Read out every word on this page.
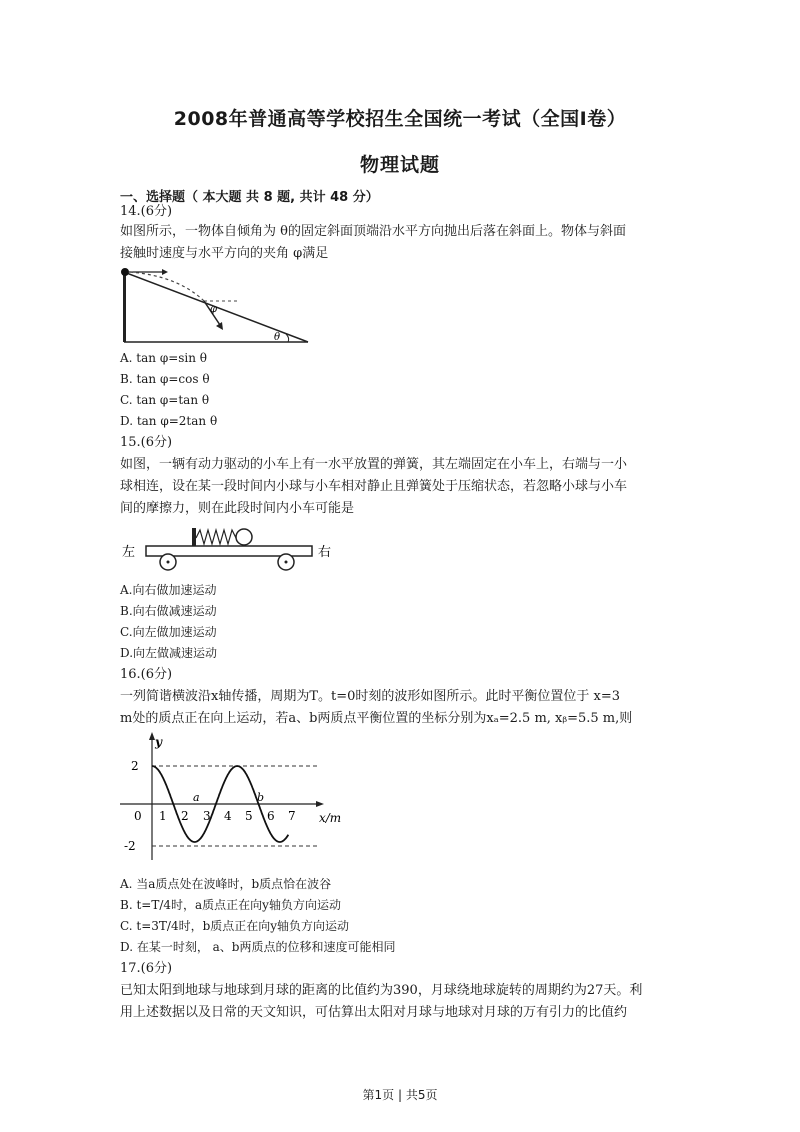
2008年普通高等学校招生全国统一考试（全国Ⅰ卷）
物理试题
一、选择题（ 本大题 共 8 题, 共计 48 分）
14.(6分)
如图所示，一物体自倾角为 θ的固定斜面顶端沿水平方向抛出后落在斜面上。物体与斜面
接触时速度与水平方向的夹角 φ满足
φ
θ
A. tan φ=sin θ
B. tan φ=cos θ
C. tan φ=tan θ
D. tan φ=2tan θ
15.(6分)
如图，一辆有动力驱动的小车上有一水平放置的弹簧，其左端固定在小车上，右端与一小
球相连，设在某一段时间内小球与小车相对静止且弹簧处于压缩状态，若忽略小球与小车
间的摩擦力，则在此段时间内小车可能是
左	右
A.向右做加速运动
B.向右做减速运动
C.向左做加速运动
D.向左做减速运动
16.(6分)
一列简谐横波沿x轴传播，周期为T。t=0时刻的波形如图所示。此时平衡位置位于 x=3
m处的质点正在向上运动，若a、b两质点平衡位置的坐标分别为xₐ=2.5 m, xᵦ=5.5 m,则
y
2
-2
0 1 2 3 4 5 6 7 x/m
a	b
A. 当a质点处在波峰时，b质点恰在波谷
B. t=T/4时，a质点正在向y轴负方向运动
C. t=3T/4时，b质点正在向y轴负方向运动
D. 在某一时刻， a、b两质点的位移和速度可能相同
17.(6分)
已知太阳到地球与地球到月球的距离的比值约为390，月球绕地球旋转的周期约为27天。利
用上述数据以及日常的天文知识，可估算出太阳对月球与地球对月球的万有引力的比值约
第1页 | 共5页
